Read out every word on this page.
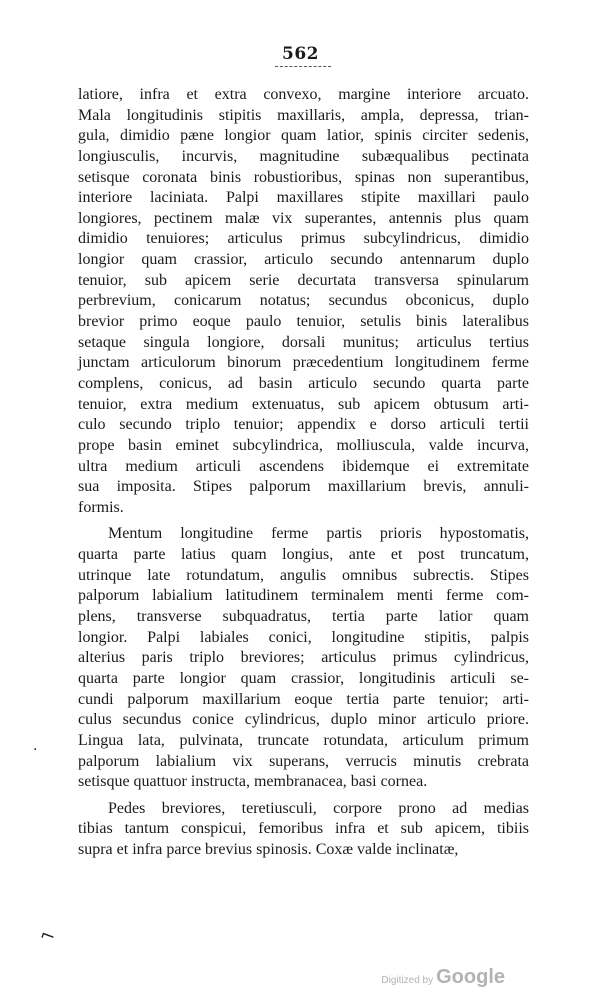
562
latiore, infra et extra convexo, margine interiore arcuato.
Mala longitudinis stipitis maxillaris, ampla, depressa, trian-
gula, dimidio pæne longior quam latior, spinis circiter sedenis,
longiusculis, incurvis, magnitudine subæqualibus pectinata
setisque coronata binis robustioribus, spinas non superantibus,
interiore laciniata. Palpi maxillares stipite maxillari paulo
longiores, pectinem malæ vix superantes, antennis plus quam
dimidio tenuiores; articulus primus subcylindricus, dimidio
longior quam crassior, articulo secundo antennarum duplo
tenuior, sub apicem serie decurtata transversa spinularum
perbrevium, conicarum notatus; secundus obconicus, duplo
brevior primo eoque paulo tenuior, setulis binis lateralibus
setaque singula longiore, dorsali munitus; articulus tertius
junctam articulorum binorum præcedentium longitudinem ferme
complens, conicus, ad basin articulo secundo quarta parte
tenuior, extra medium extenuatus, sub apicem obtusum arti-
culo secundo triplo tenuior; appendix e dorso articuli tertii
prope basin eminet subcylindrica, molliuscula, valde incurva,
ultra medium articuli ascendens ibidemque ei extremitate
sua imposita. Stipes palporum maxillarium brevis, annuli-
formis.
Mentum longitudine ferme partis prioris hypostomatis,
quarta parte latius quam longius, ante et post truncatum,
utrinque late rotundatum, angulis omnibus subrectis. Stipes
palporum labialium latitudinem terminalem menti ferme com-
plens, transverse subquadratus, tertia parte latior quam
longior. Palpi labiales conici, longitudine stipitis, palpis
alterius paris triplo breviores; articulus primus cylindricus,
quarta parte longior quam crassior, longitudinis articuli se-
cundi palporum maxillarium eoque tertia parte tenuior; arti-
culus secundus conice cylindricus, duplo minor articulo priore.
Lingua lata, pulvinata, truncate rotundata, articulum primum
palporum labialium vix superans, verrucis minutis crebrata
setisque quattuor instructa, membranacea, basi cornea.
Pedes breviores, teretiusculi, corpore prono ad medias
tibias tantum conspicui, femoribus infra et sub apicem, tibiis
supra et infra parce brevius spinosis. Coxæ valde inclinatæ,
·
⌐
Digitized by Google
